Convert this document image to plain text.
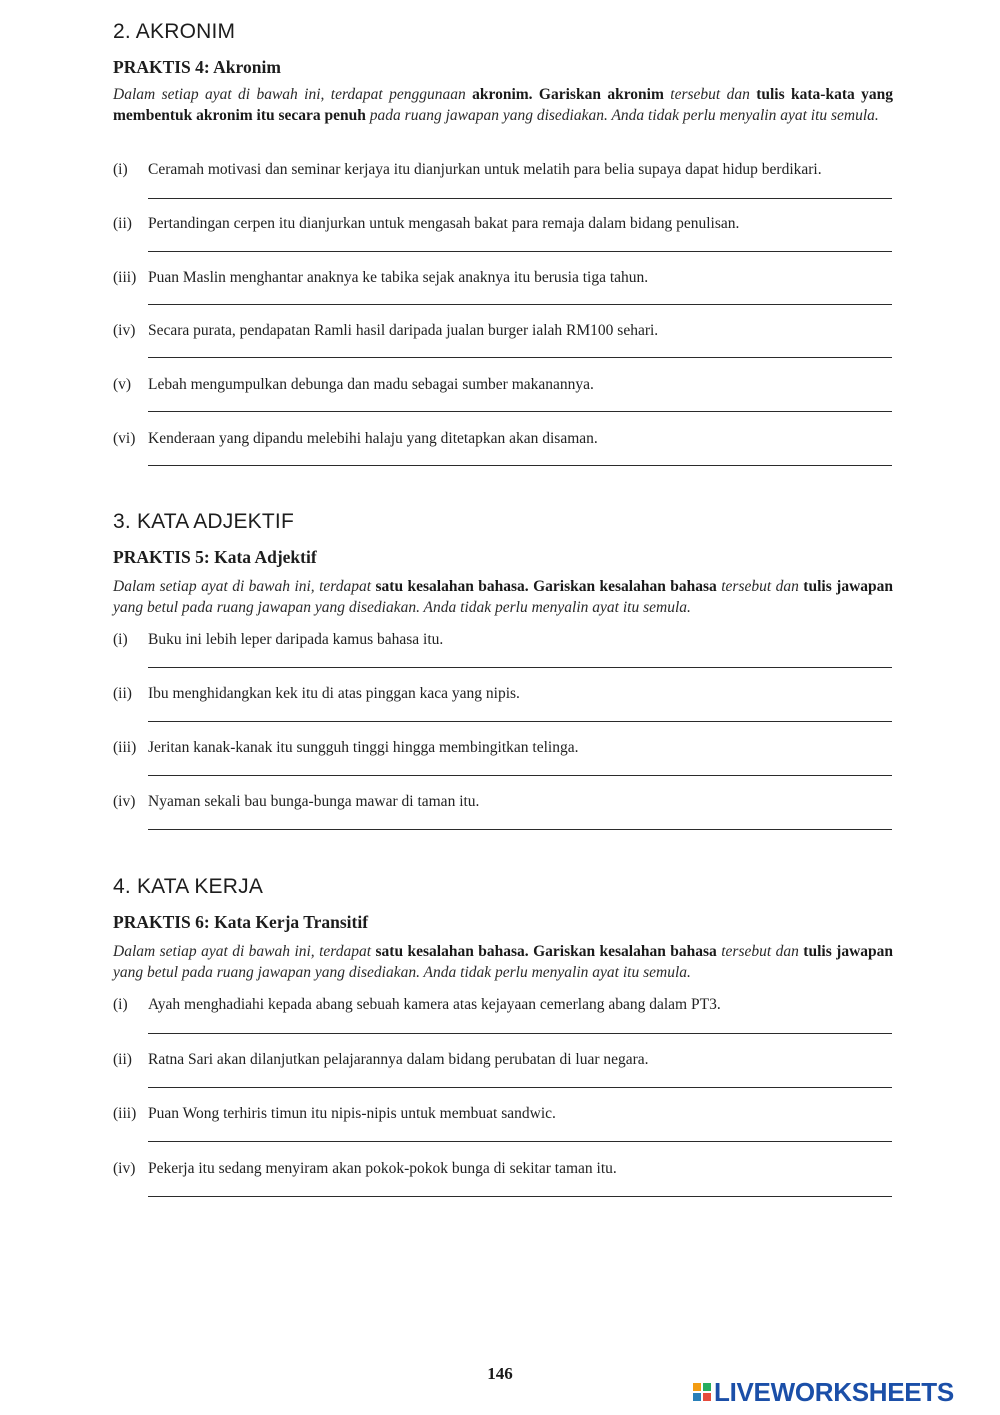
2. AKRONIM
PRAKTIS 4: Akronim

Dalam setiap ayat di bawah ini, terdapat penggunaan akronim. Gariskan akronim tersebut dan tulis kata-kata yang membentuk akronim itu secara penuh pada ruang jawapan yang disediakan. Anda tidak perlu menyalin ayat itu semula.

(i)	Ceramah motivasi dan seminar kerjaya itu dianjurkan untuk melatih para belia supaya dapat hidup berdikari.
(ii)	Pertandingan cerpen itu dianjurkan untuk mengasah bakat para remaja dalam bidang penulisan.
(iii) Puan Maslin menghantar anaknya ke tabika sejak anaknya itu berusia tiga tahun.
(iv) Secara purata, pendapatan Ramli hasil daripada jualan burger ialah RM100 sehari.
(v)	Lebah mengumpulkan debunga dan madu sebagai sumber makanannya.
(vi) Kenderaan yang dipandu melebihi halaju yang ditetapkan akan disaman.
3. KATA ADJEKTIF
PRAKTIS 5: Kata Adjektif

Dalam setiap ayat di bawah ini, terdapat satu kesalahan bahasa. Gariskan kesalahan bahasa tersebut dan tulis jawapan yang betul pada ruang jawapan yang disediakan. Anda tidak perlu menyalin ayat itu semula.

(i)	Buku ini lebih leper daripada kamus bahasa itu.
(ii)	Ibu menghidangkan kek itu di atas pinggan kaca yang nipis.
(iii) Jeritan kanak-kanak itu sungguh tinggi hingga membingitkan telinga.
(iv) Nyaman sekali bau bunga-bunga mawar di taman itu.
4. KATA KERJA
PRAKTIS 6: Kata Kerja Transitif

Dalam setiap ayat di bawah ini, terdapat satu kesalahan bahasa. Gariskan kesalahan bahasa tersebut dan tulis jawapan yang betul pada ruang jawapan yang disediakan. Anda tidak perlu menyalin ayat itu semula.

(i)	Ayah menghadiahi kepada abang sebuah kamera atas kejayaan cemerlang abang dalam PT3.
(ii)	Ratna Sari akan dilanjutkan pelajarannya dalam bidang perubatan di luar negara.
(iii) Puan Wong terhiris timun itu nipis-nipis untuk membuat sandwic.
(iv) Pekerja itu sedang menyiram akan pokok-pokok bunga di sekitar taman itu.
146
LIVEWORKSHEETS
